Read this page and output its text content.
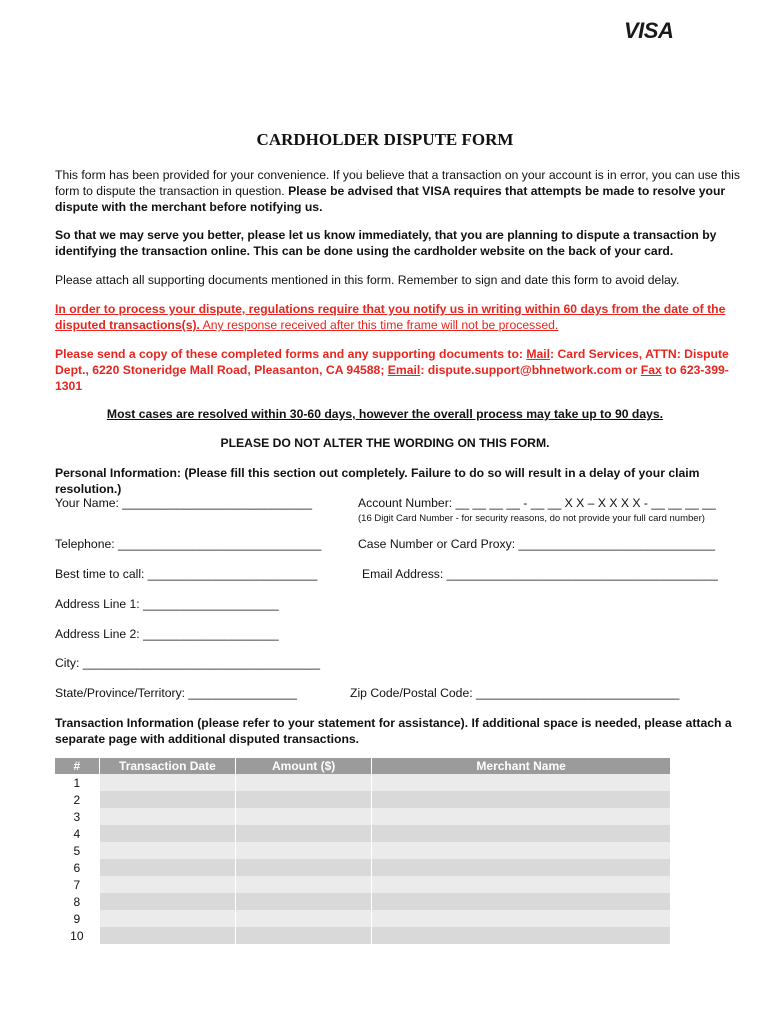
VISA
CARDHOLDER DISPUTE FORM
This form has been provided for your convenience. If you believe that a transaction on your account is in error, you can use this form to dispute the transaction in question. Please be advised that VISA requires that attempts be made to resolve your dispute with the merchant before notifying us.
So that we may serve you better, please let us know immediately, that you are planning to dispute a transaction by identifying the transaction online. This can be done using the cardholder website on the back of your card.
Please attach all supporting documents mentioned in this form. Remember to sign and date this form to avoid delay.
In order to process your dispute, regulations require that you notify us in writing within 60 days from the date of the disputed transactions(s). Any response received after this time frame will not be processed.
Please send a copy of these completed forms and any supporting documents to: Mail: Card Services, ATTN: Dispute Dept., 6220 Stoneridge Mall Road, Pleasanton, CA 94588; Email: dispute.support@bhnetwork.com or Fax to 623-399-1301
Most cases are resolved within 30-60 days, however the overall process may take up to 90 days.
PLEASE DO NOT ALTER THE WORDING ON THIS FORM.
Personal Information: (Please fill this section out completely. Failure to do so will result in a delay of your claim resolution.)
Your Name: ____________________________	Account Number: __ __ __ __ - __ __ X X – X X X X - __ __ __ __
(16 Digit Card Number - for security reasons, do not provide your full card number)
Telephone: ______________________________	Case Number or Card Proxy: _____________________________
Best time to call: _________________________	Email Address: ________________________________________
Address Line 1: ____________________
Address Line 2: ____________________
City: ___________________________________
State/Province/Territory: ________________	Zip Code/Postal Code: ______________________________
Transaction Information (please refer to your statement for assistance). If additional space is needed, please attach a separate page with additional disputed transactions.
#	Transaction Date	Amount ($)	Merchant Name
1			
2			
3			
4			
5			
6			
7			
8			
9			
10			
